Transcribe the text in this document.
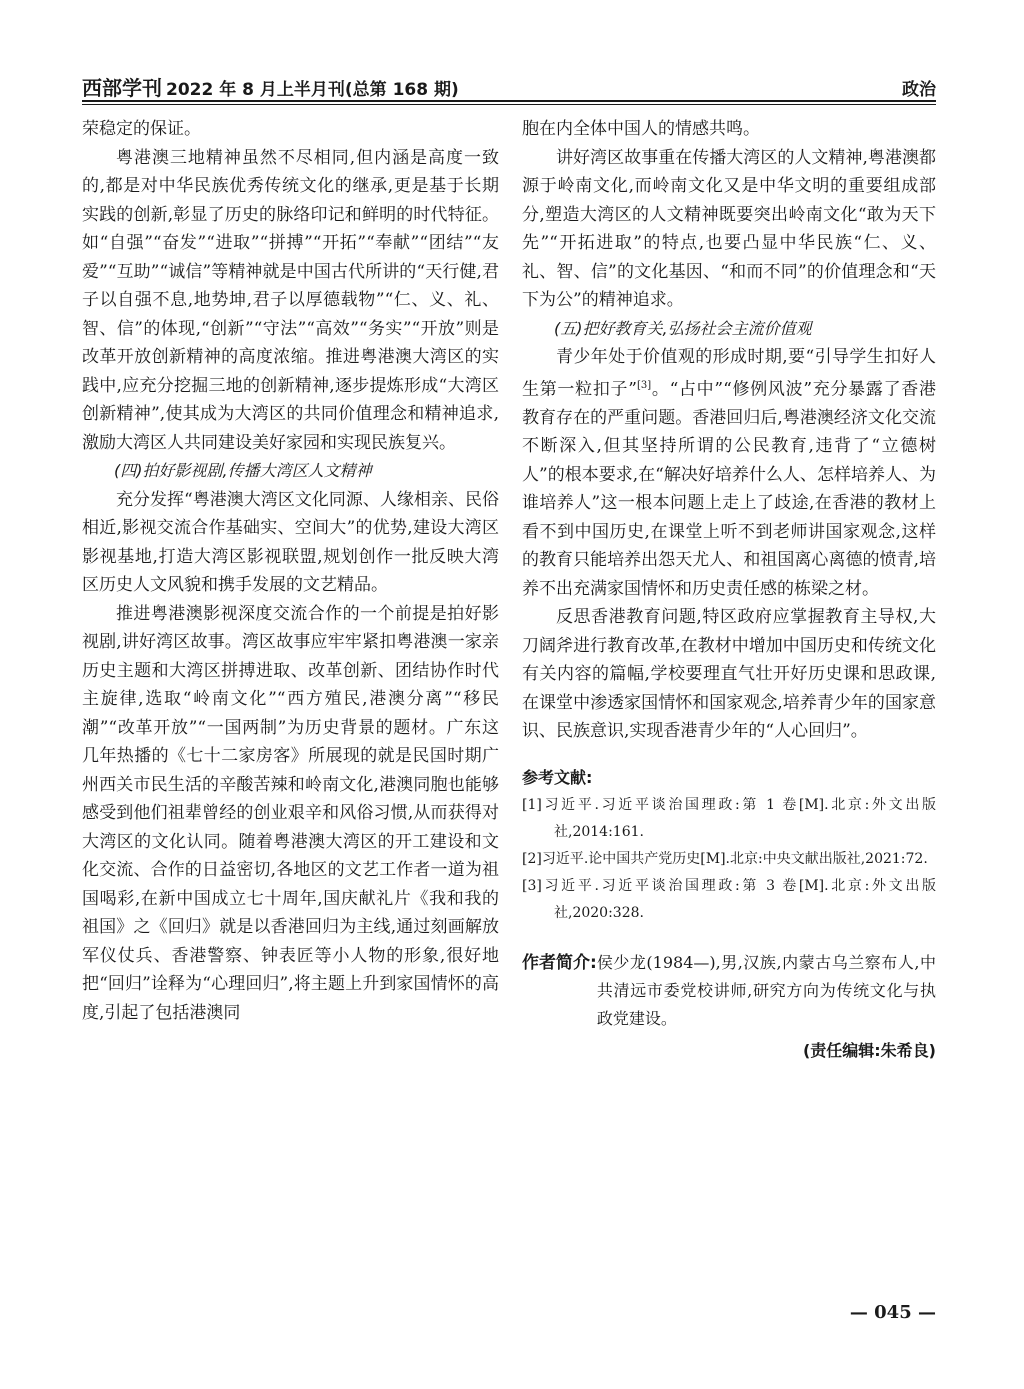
西部学刊 2022 年 8 月上半月刊(总第 168 期)	政治

荣稳定的保证。

粤港澳三地精神虽然不尽相同,但内涵是高度一致的,都是对中华民族优秀传统文化的继承,更是基于长期实践的创新,彰显了历史的脉络印记和鲜明的时代特征。如“自强”“奋发”“进取”“拼搏”“开拓”“奉献”“团结”“友爱”“互助”“诚信”等精神就是中国古代所讲的“天行健,君子以自强不息,地势坤,君子以厚德载物”“仁、义、礼、智、信”的体现,“创新”“守法”“高效”“务实”“开放”则是改革开放创新精神的高度浓缩。推进粤港澳大湾区的实践中,应充分挖掘三地的创新精神,逐步提炼形成“大湾区创新精神”,使其成为大湾区的共同价值理念和精神追求,激励大湾区人共同建设美好家园和实现民族复兴。

(四)拍好影视剧,传播大湾区人文精神

充分发挥“粤港澳大湾区文化同源、人缘相亲、民俗相近,影视交流合作基础实、空间大”的优势,建设大湾区影视基地,打造大湾区影视联盟,规划创作一批反映大湾区历史人文风貌和携手发展的文艺精品。

推进粤港澳影视深度交流合作的一个前提是拍好影视剧,讲好湾区故事。湾区故事应牢牢紧扣粤港澳一家亲历史主题和大湾区拼搏进取、改革创新、团结协作时代主旋律,选取“岭南文化”“西方殖民,港澳分离”“移民潮”“改革开放”“一国两制”为历史背景的题材。广东这几年热播的《七十二家房客》所展现的就是民国时期广州西关市民生活的辛酸苦辣和岭南文化,港澳同胞也能够感受到他们祖辈曾经的创业艰辛和风俗习惯,从而获得对大湾区的文化认同。随着粤港澳大湾区的开工建设和文化交流、合作的日益密切,各地区的文艺工作者一道为祖国喝彩,在新中国成立七十周年,国庆献礼片《我和我的祖国》之《回归》就是以香港回归为主线,通过刻画解放军仪仗兵、香港警察、钟表匠等小人物的形象,很好地把“回归”诠释为“心理回归”,将主题上升到家国情怀的高度,引起了包括港澳同

胞在内全体中国人的情感共鸣。

讲好湾区故事重在传播大湾区的人文精神,粤港澳都源于岭南文化,而岭南文化又是中华文明的重要组成部分,塑造大湾区的人文精神既要突出岭南文化“敢为天下先”“开拓进取”的特点,也要凸显中华民族“仁、义、礼、智、信”的文化基因、“和而不同”的价值理念和“天下为公”的精神追求。

(五)把好教育关,弘扬社会主流价值观

青少年处于价值观的形成时期,要“引导学生扣好人生第一粒扣子”[3]。“占中”“修例风波”充分暴露了香港教育存在的严重问题。香港回归后,粤港澳经济文化交流不断深入,但其坚持所谓的公民教育,违背了“立德树人”的根本要求,在“解决好培养什么人、怎样培养人、为谁培养人”这一根本问题上走上了歧途,在香港的教材上看不到中国历史,在课堂上听不到老师讲国家观念,这样的教育只能培养出怨天尤人、和祖国离心离德的愤青,培养不出充满家国情怀和历史责任感的栋梁之材。

反思香港教育问题,特区政府应掌握教育主导权,大刀阔斧进行教育改革,在教材中增加中国历史和传统文化有关内容的篇幅,学校要理直气壮开好历史课和思政课,在课堂中渗透家国情怀和国家观念,培养青少年的国家意识、民族意识,实现香港青少年的“人心回归”。

参考文献:

[1]习近平.习近平谈治国理政:第 1 卷[M].北京:外文出版社,2014:161.

[2]习近平.论中国共产党历史[M].北京:中央文献出版社,2021:72.

[3]习近平.习近平谈治国理政:第 3 卷[M].北京:外文出版社,2020:328.

作者简介: 侯少龙(1984—),男,汉族,内蒙古乌兰察布人,中共清远市委党校讲师,研究方向为传统文化与执政党建设。
(责任编辑:朱希良)
— 045 —
